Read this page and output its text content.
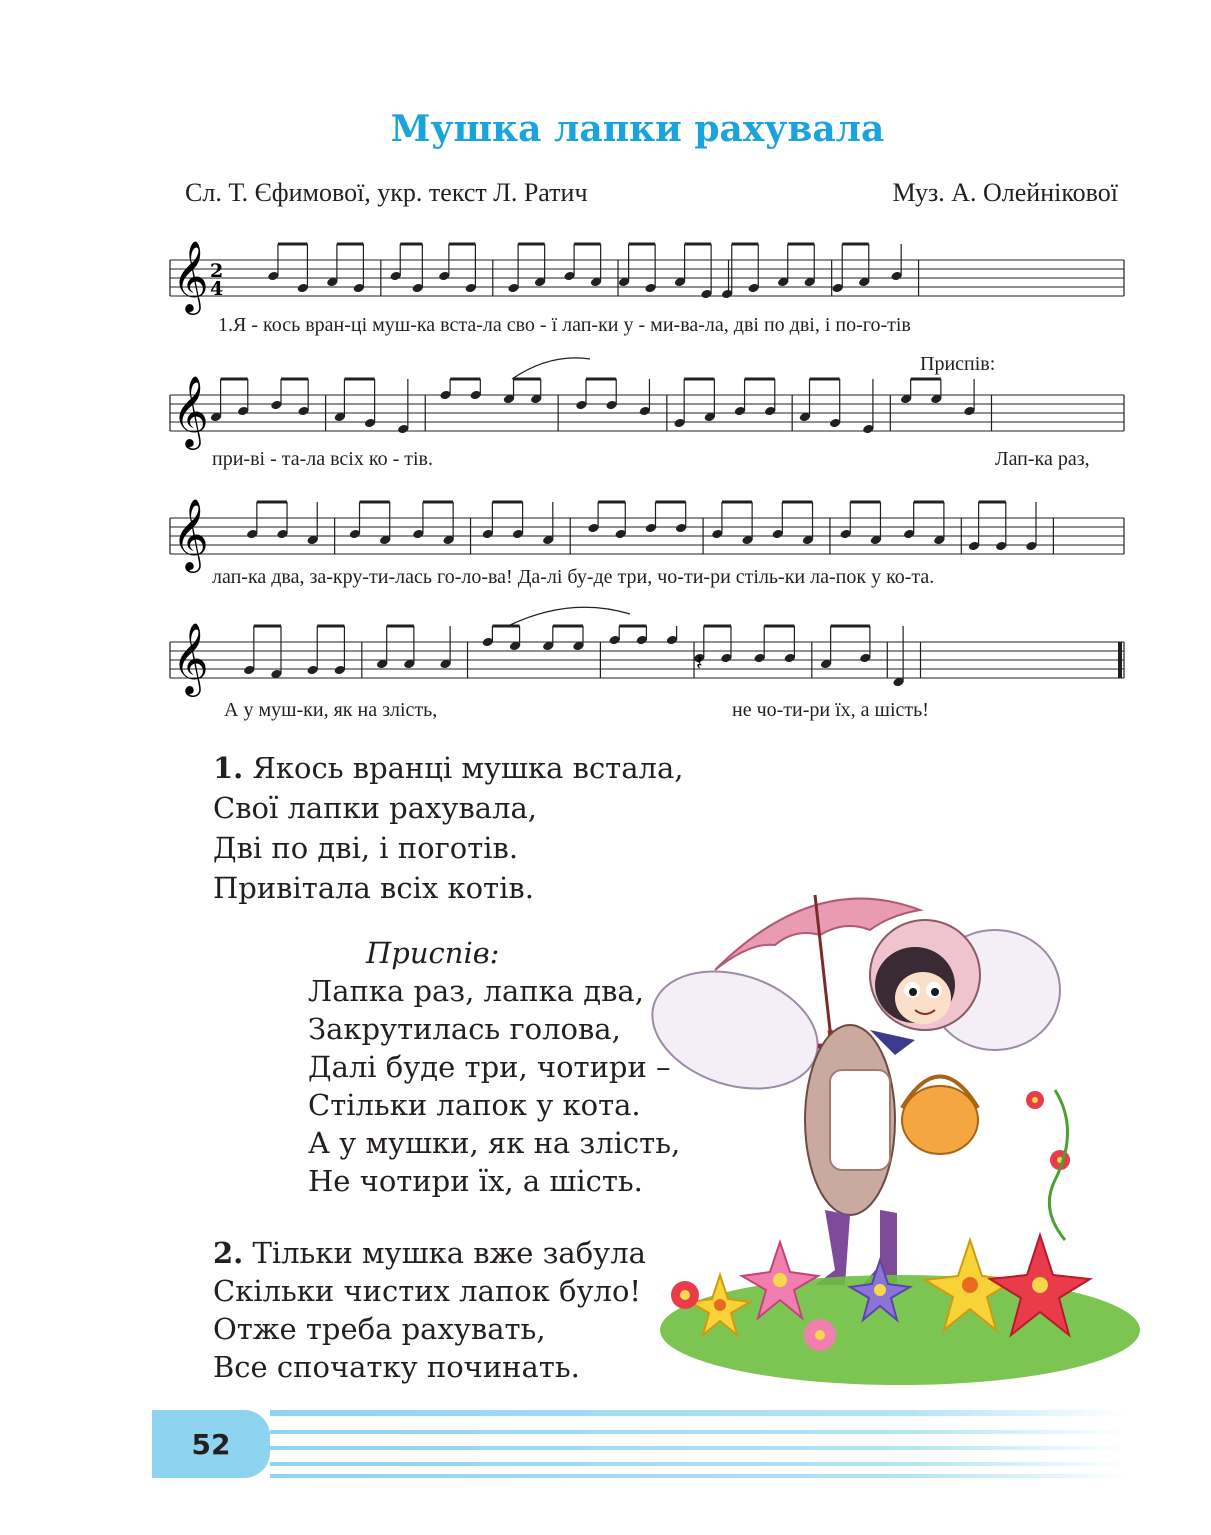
Мушка лапки рахувала
Сл. Т. Єфимової, укр. текст Л. Ратич	Муз. А. Олейнікової
𝄞 2
4
1.Я - кось вран-ці муш-ка вста-ла сво - ї лап-ки у - ми-ва-ла, дві по дві, і по-го-тів
Приспів:
𝄞
при-ві - та-ла всіх ко - тів.	Лап-ка раз,
𝄞
лап-ка два, за-кру-ти-лась го-ло-ва! Да-лі бу-де три, чо-ти-ри стіль-ки ла-пок у ко-та.
𝄞	𝄽
А у муш-ки, як на злість,	не чо-ти-ри їх, а шість!
1. Якось вранці мушка встала,
Свої лапки рахувала,
Дві по дві, і поготів.
Привітала всіх котів.
Приспів:
Лапка раз, лапка два,
Закрутилась голова,
Далі буде три, чотири –
Стільки лапок у кота.
А у мушки, як на злість,
Не чотири їх, а шість.
2. Тільки мушка вже забула
Скільки чистих лапок було!
Отже треба рахувать,
Все спочатку починать.
52
